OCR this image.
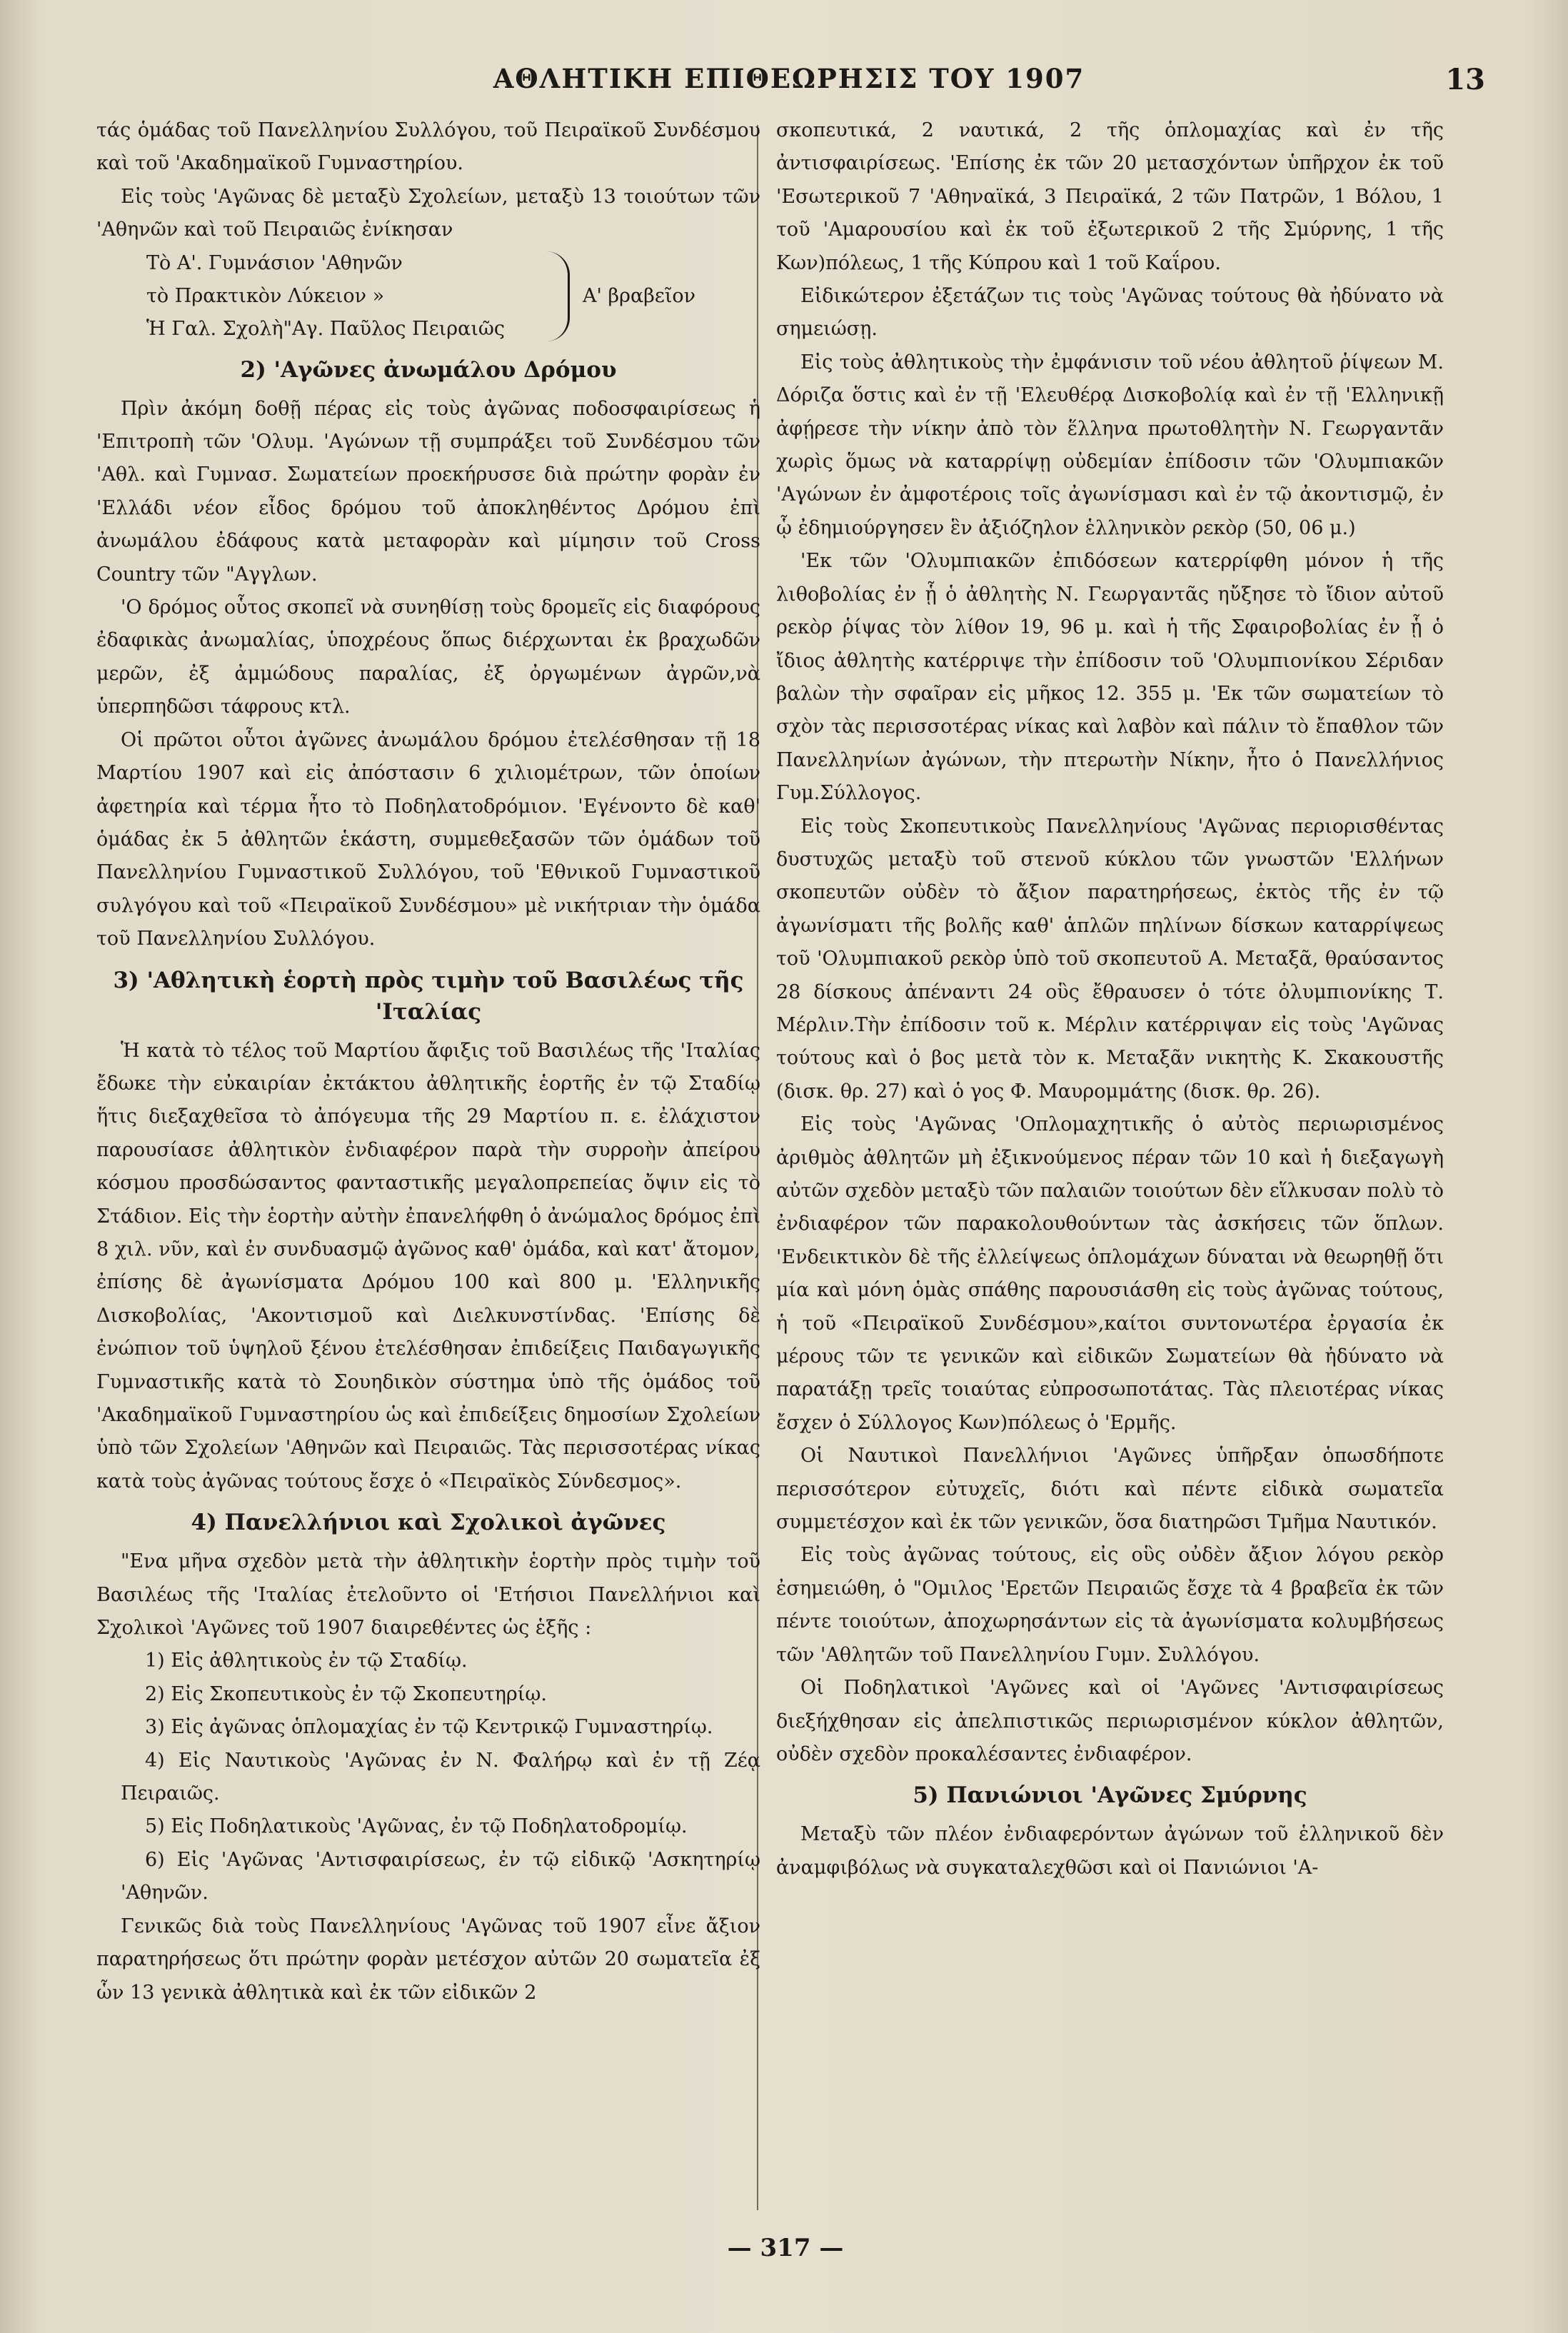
ΑΘΛΗΤΙΚΗ ΕΠΙΘΕΩΡΗΣΙΣ ΤΟΥ 1907	13

τάς ὁμάδας τοῦ Πανελληνίου Συλλόγου, τοῦ Πειραϊκοῦ Συνδέσμου καὶ τοῦ 'Ακαδημαϊκοῦ Γυμναστηρίου.

Εἰς τοὺς 'Αγῶνας δὲ μεταξὺ Σχολείων, μεταξὺ 13 τοιούτων τῶν 'Αθηνῶν καὶ τοῦ Πειραιῶς ἐνίκησαν

Τὸ Α'. Γυμνάσιον 'Αθηνῶν
τὸ Πρακτικὸν Λύκειον »
Ἡ Γαλ. Σχολὴ"Αγ. Παῦλος Πειραιῶς
Α' βραβεῖον
2) 'Αγῶνες ἀνωμάλου Δρόμου

Πρὶν ἀκόμη δοθῇ πέρας εἰς τοὺς ἀγῶνας ποδοσφαιρίσεως ἡ 'Επιτροπὴ τῶν 'Ολυμ. 'Αγώνων τῇ συμπράξει τοῦ Συνδέσμου τῶν 'Αθλ. καὶ Γυμνασ. Σωματείων προεκήρυσσε διὰ πρώτην φορὰν ἐν 'Ελλάδι νέον εἶδος δρόμου τοῦ ἀποκληθέντος Δρόμου ἐπὶ ἀνωμάλου ἐδάφους κατὰ μεταφορὰν καὶ μίμησιν τοῦ Cross Country τῶν "Αγγλων.

'Ο δρόμος οὗτος σκοπεῖ νὰ συνηθίσῃ τοὺς δρομεῖς εἰς διαφόρους ἐδαφικὰς ἀνωμαλίας, ὑποχρέους ὅπως διέρχωνται ἐκ βραχωδῶν μερῶν, ἐξ ἀμμώδους παραλίας, ἐξ ὀργωμένων ἀγρῶν,νὰ ὑπερπηδῶσι τάφρους κτλ.

Οἱ πρῶτοι οὗτοι ἀγῶνες ἀνωμάλου δρόμου ἐτελέσθησαν τῇ 18 Μαρτίου 1907 καὶ εἰς ἀπόστασιν 6 χιλιομέτρων, τῶν ὁποίων ἀφετηρία καὶ τέρμα ἦτο τὸ Ποδηλατοδρόμιον. 'Εγένοντο δὲ καθ' ὁμάδας ἐκ 5 ἀθλητῶν ἑκάστη, συμμεθεξασῶν τῶν ὁμάδων τοῦ Πανελληνίου Γυμναστικοῦ Συλλόγου, τοῦ 'Εθνικοῦ Γυμναστικοῦ συλγόγου καὶ τοῦ «Πειραϊκοῦ Συνδέσμου» μὲ νικήτριαν τὴν ὁμάδα τοῦ Πανελληνίου Συλλόγου.

3) 'Αθλητικὴ ἑορτὴ πρὸς τιμὴν τοῦ Βασιλέως τῆς 'Ιταλίας

Ἡ κατὰ τὸ τέλος τοῦ Μαρτίου ἄφιξις τοῦ Βασιλέως τῆς 'Ιταλίας ἔδωκε τὴν εὐκαιρίαν ἐκτάκτου ἀθλητικῆς ἑορτῆς ἐν τῷ Σταδίῳ ἥτις διεξαχθεῖσα τὸ ἀπόγευμα τῆς 29 Μαρτίου π. ε. ἐλάχιστον παρουσίασε ἀθλητικὸν ἐνδιαφέρον παρὰ τὴν συρροὴν ἀπείρου κόσμου προσδώσαντος φανταστικῆς μεγαλοπρεπείας ὄψιν εἰς τὸ Στάδιον. Εἰς τὴν ἑορτὴν αὐτὴν ἐπανελήφθη ὁ ἀνώμαλος δρόμος ἐπὶ 8 χιλ. νῦν, καὶ ἐν συνδυασμῷ ἀγῶνος καθ' ὁμάδα, καὶ κατ' ἄτομον, ἐπίσης δὲ ἀγωνίσματα Δρόμου 100 καὶ 800 μ. 'Ελληνικῆς Δισκοβολίας, 'Ακοντισμοῦ καὶ Διελκυνστίνδας. 'Επίσης δὲ ἐνώπιον τοῦ ὑψηλοῦ ξένου ἐτελέσθησαν ἐπιδείξεις Παιδαγωγικῆς Γυμναστικῆς κατὰ τὸ Σουηδικὸν σύστημα ὑπὸ τῆς ὁμάδος τοῦ 'Ακαδημαϊκοῦ Γυμναστηρίου ὡς καὶ ἐπιδείξεις δημοσίων Σχολείων ὑπὸ τῶν Σχολείων 'Αθηνῶν καὶ Πειραιῶς. Τὰς περισσοτέρας νίκας κατὰ τοὺς ἀγῶνας τούτους ἔσχε ὁ «Πειραϊκὸς Σύνδεσμος».

4) Πανελλήνιοι καὶ Σχολικοὶ ἀγῶνες

"Ενα μῆνα σχεδὸν μετὰ τὴν ἀθλητικὴν ἑορτὴν πρὸς τιμὴν τοῦ Βασιλέως τῆς 'Ιταλίας ἐτελοῦντο οἱ 'Ετήσιοι Πανελλήνιοι καὶ Σχολικοὶ 'Αγῶνες τοῦ 1907 διαιρεθέντες ὡς ἑξῆς :

1) Εἰς ἀθλητικοὺς ἐν τῷ Σταδίῳ.

2) Εἰς Σκοπευτικοὺς ἐν τῷ Σκοπευτηρίῳ.

3) Εἰς ἀγῶνας ὁπλομαχίας ἐν τῷ Κεντρικῷ Γυμναστηρίῳ.

4) Εἰς Ναυτικοὺς 'Αγῶνας ἐν Ν. Φαλήρῳ καὶ ἐν τῇ Ζέᾳ Πειραιῶς.

5) Εἰς Ποδηλατικοὺς 'Αγῶνας, ἐν τῷ Ποδηλατοδρομίῳ.

6) Εἰς 'Αγῶνας 'Αντισφαιρίσεως, ἐν τῷ εἰδικῷ 'Ασκητηρίῳ 'Αθηνῶν.

Γενικῶς διὰ τοὺς Πανελληνίους 'Αγῶνας τοῦ 1907 εἶνε ἄξιον παρατηρήσεως ὅτι πρώτην φορὰν μετέσχον αὐτῶν 20 σωματεῖα ἐξ ὧν 13 γενικὰ ἀθλητικὰ καὶ ἐκ τῶν εἰδικῶν 2

σκοπευτικά, 2 ναυτικά, 2 τῆς ὁπλομαχίας καὶ ἐν τῆς ἀντισφαιρίσεως. 'Επίσης ἐκ τῶν 20 μετασχόντων ὑπῆρχον ἐκ τοῦ 'Εσωτερικοῦ 7 'Αθηναϊκά, 3 Πειραϊκά, 2 τῶν Πατρῶν, 1 Βόλου, 1 τοῦ 'Αμαρουσίου καὶ ἐκ τοῦ ἐξωτερικοῦ 2 τῆς Σμύρνης, 1 τῆς Κων)πόλεως, 1 τῆς Κύπρου καὶ 1 τοῦ Καΐρου.

Εἰδικώτερον ἐξετάζων τις τοὺς 'Αγῶνας τούτους θὰ ἠδύνατο νὰ σημειώσῃ.

Εἰς τοὺς ἀθλητικοὺς τὴν ἐμφάνισιν τοῦ νέου ἀθλητοῦ ῥίψεων Μ. Δόριζα ὅστις καὶ ἐν τῇ 'Ελευθέρᾳ Δισκοβολίᾳ καὶ ἐν τῇ 'Ελληνικῇ ἀφῄρεσε τὴν νίκην ἀπὸ τὸν ἕλληνα πρωτοθλητὴν Ν. Γεωργαντᾶν χωρὶς ὅμως νὰ καταρρίψῃ οὐδεμίαν ἐπίδοσιν τῶν 'Ολυμπιακῶν 'Αγώνων ἐν ἀμφοτέροις τοῖς ἀγωνίσμασι καὶ ἐν τῷ ἀκοντισμῷ, ἐν ᾧ ἐδημιούργησεν ἓν ἀξιόζηλον ἑλληνικὸν ρεκὸρ (50, 06 μ.)

'Εκ τῶν 'Ολυμπιακῶν ἐπιδόσεων κατερρίφθη μόνον ἡ τῆς λιθοβολίας ἐν ᾗ ὁ ἀθλητὴς Ν. Γεωργαντᾶς ηὔξησε τὸ ἴδιον αὐτοῦ ρεκὸρ ῥίψας τὸν λίθον 19, 96 μ. καὶ ἡ τῆς Σφαιροβολίας ἐν ᾗ ὁ ἴδιος ἀθλητὴς κατέρριψε τὴν ἐπίδοσιν τοῦ 'Ολυμπιονίκου Σέριδαν βαλὼν τὴν σφαῖραν εἰς μῆκος 12. 355 μ. 'Εκ τῶν σωματείων τὸ σχὸν τὰς περισσοτέρας νίκας καὶ λαβὸν καὶ πάλιν τὸ ἔπαθλον τῶν Πανελληνίων ἀγώνων, τὴν πτερωτὴν Νίκην, ἦτο ὁ Πανελλήνιος Γυμ.Σύλλογος.

Εἰς τοὺς Σκοπευτικοὺς Πανελληνίους 'Αγῶνας περιορισθέντας δυστυχῶς μεταξὺ τοῦ στενοῦ κύκλου τῶν γνωστῶν 'Ελλήνων σκοπευτῶν οὐδὲν τὸ ἄξιον παρατηρήσεως, ἐκτὸς τῆς ἐν τῷ ἀγωνίσματι τῆς βολῆς καθ' ἁπλῶν πηλίνων δίσκων καταρρίψεως τοῦ 'Ολυμπιακοῦ ρεκὸρ ὑπὸ τοῦ σκοπευτοῦ Α. Μεταξᾶ, θραύσαντος 28 δίσκους ἀπέναντι 24 οὓς ἔθραυσεν ὁ τότε ὀλυμπιονίκης Τ. Μέρλιν.Τὴν ἐπίδοσιν τοῦ κ. Μέρλιν κατέρριψαν εἰς τοὺς 'Αγῶνας τούτους καὶ ὁ βος μετὰ τὸν κ. Μεταξᾶν νικητὴς Κ. Σκακουστῆς (δισκ. θρ. 27) καὶ ὁ γος Φ. Μαυρομμάτης (δισκ. θρ. 26).

Εἰς τοὺς 'Αγῶνας 'Οπλομαχητικῆς ὁ αὐτὸς περιωρισμένος ἀριθμὸς ἀθλητῶν μὴ ἐξικνούμενος πέραν τῶν 10 καὶ ἡ διεξαγωγὴ αὐτῶν σχεδὸν μεταξὺ τῶν παλαιῶν τοιούτων δὲν εἵλκυσαν πολὺ τὸ ἐνδιαφέρον τῶν παρακολουθούντων τὰς ἀσκήσεις τῶν ὅπλων. 'Ενδεικτικὸν δὲ τῆς ἐλλείψεως ὁπλομάχων δύναται νὰ θεωρηθῇ ὅτι μία καὶ μόνη ὁμὰς σπάθης παρουσιάσθη εἰς τοὺς ἀγῶνας τούτους, ἡ τοῦ «Πειραϊκοῦ Συνδέσμου»,καίτοι συντονωτέρα ἐργασία ἐκ μέρους τῶν τε γενικῶν καὶ εἰδικῶν Σωματείων θὰ ἠδύνατο νὰ παρατάξῃ τρεῖς τοιαύτας εὐπροσωποτάτας. Τὰς πλειοτέρας νίκας ἔσχεν ὁ Σύλλογος Κων)πόλεως ὁ 'Ερμῆς.

Οἱ Ναυτικοὶ Πανελλήνιοι 'Αγῶνες ὑπῆρξαν ὁπωσδήποτε περισσότερον εὐτυχεῖς, διότι καὶ πέντε εἰδικὰ σωματεῖα συμμετέσχον καὶ ἐκ τῶν γενικῶν, ὅσα διατηρῶσι Τμῆμα Ναυτικόν.

Εἰς τοὺς ἀγῶνας τούτους, εἰς οὓς οὐδὲν ἄξιον λόγου ρεκὸρ ἐσημειώθη, ὁ "Ομιλος 'Ερετῶν Πειραιῶς ἔσχε τὰ 4 βραβεῖα ἐκ τῶν πέντε τοιούτων, ἀποχωρησάντων εἰς τὰ ἀγωνίσματα κολυμβήσεως τῶν 'Αθλητῶν τοῦ Πανελληνίου Γυμν. Συλλόγου.

Οἱ Ποδηλατικοὶ 'Αγῶνες καὶ οἱ 'Αγῶνες 'Αντισφαιρίσεως διεξήχθησαν εἰς ἀπελπιστικῶς περιωρισμένον κύκλον ἀθλητῶν, οὐδὲν σχεδὸν προκαλέσαντες ἐνδιαφέρον.

5) Πανιώνιοι 'Αγῶνες Σμύρνης

Μεταξὺ τῶν πλέον ἐνδιαφερόντων ἀγώνων τοῦ ἑλληνικοῦ δὲν ἀναμφιβόλως νὰ συγκαταλεχθῶσι καὶ οἱ Πανιώνιοι 'Α-

— 317 —
